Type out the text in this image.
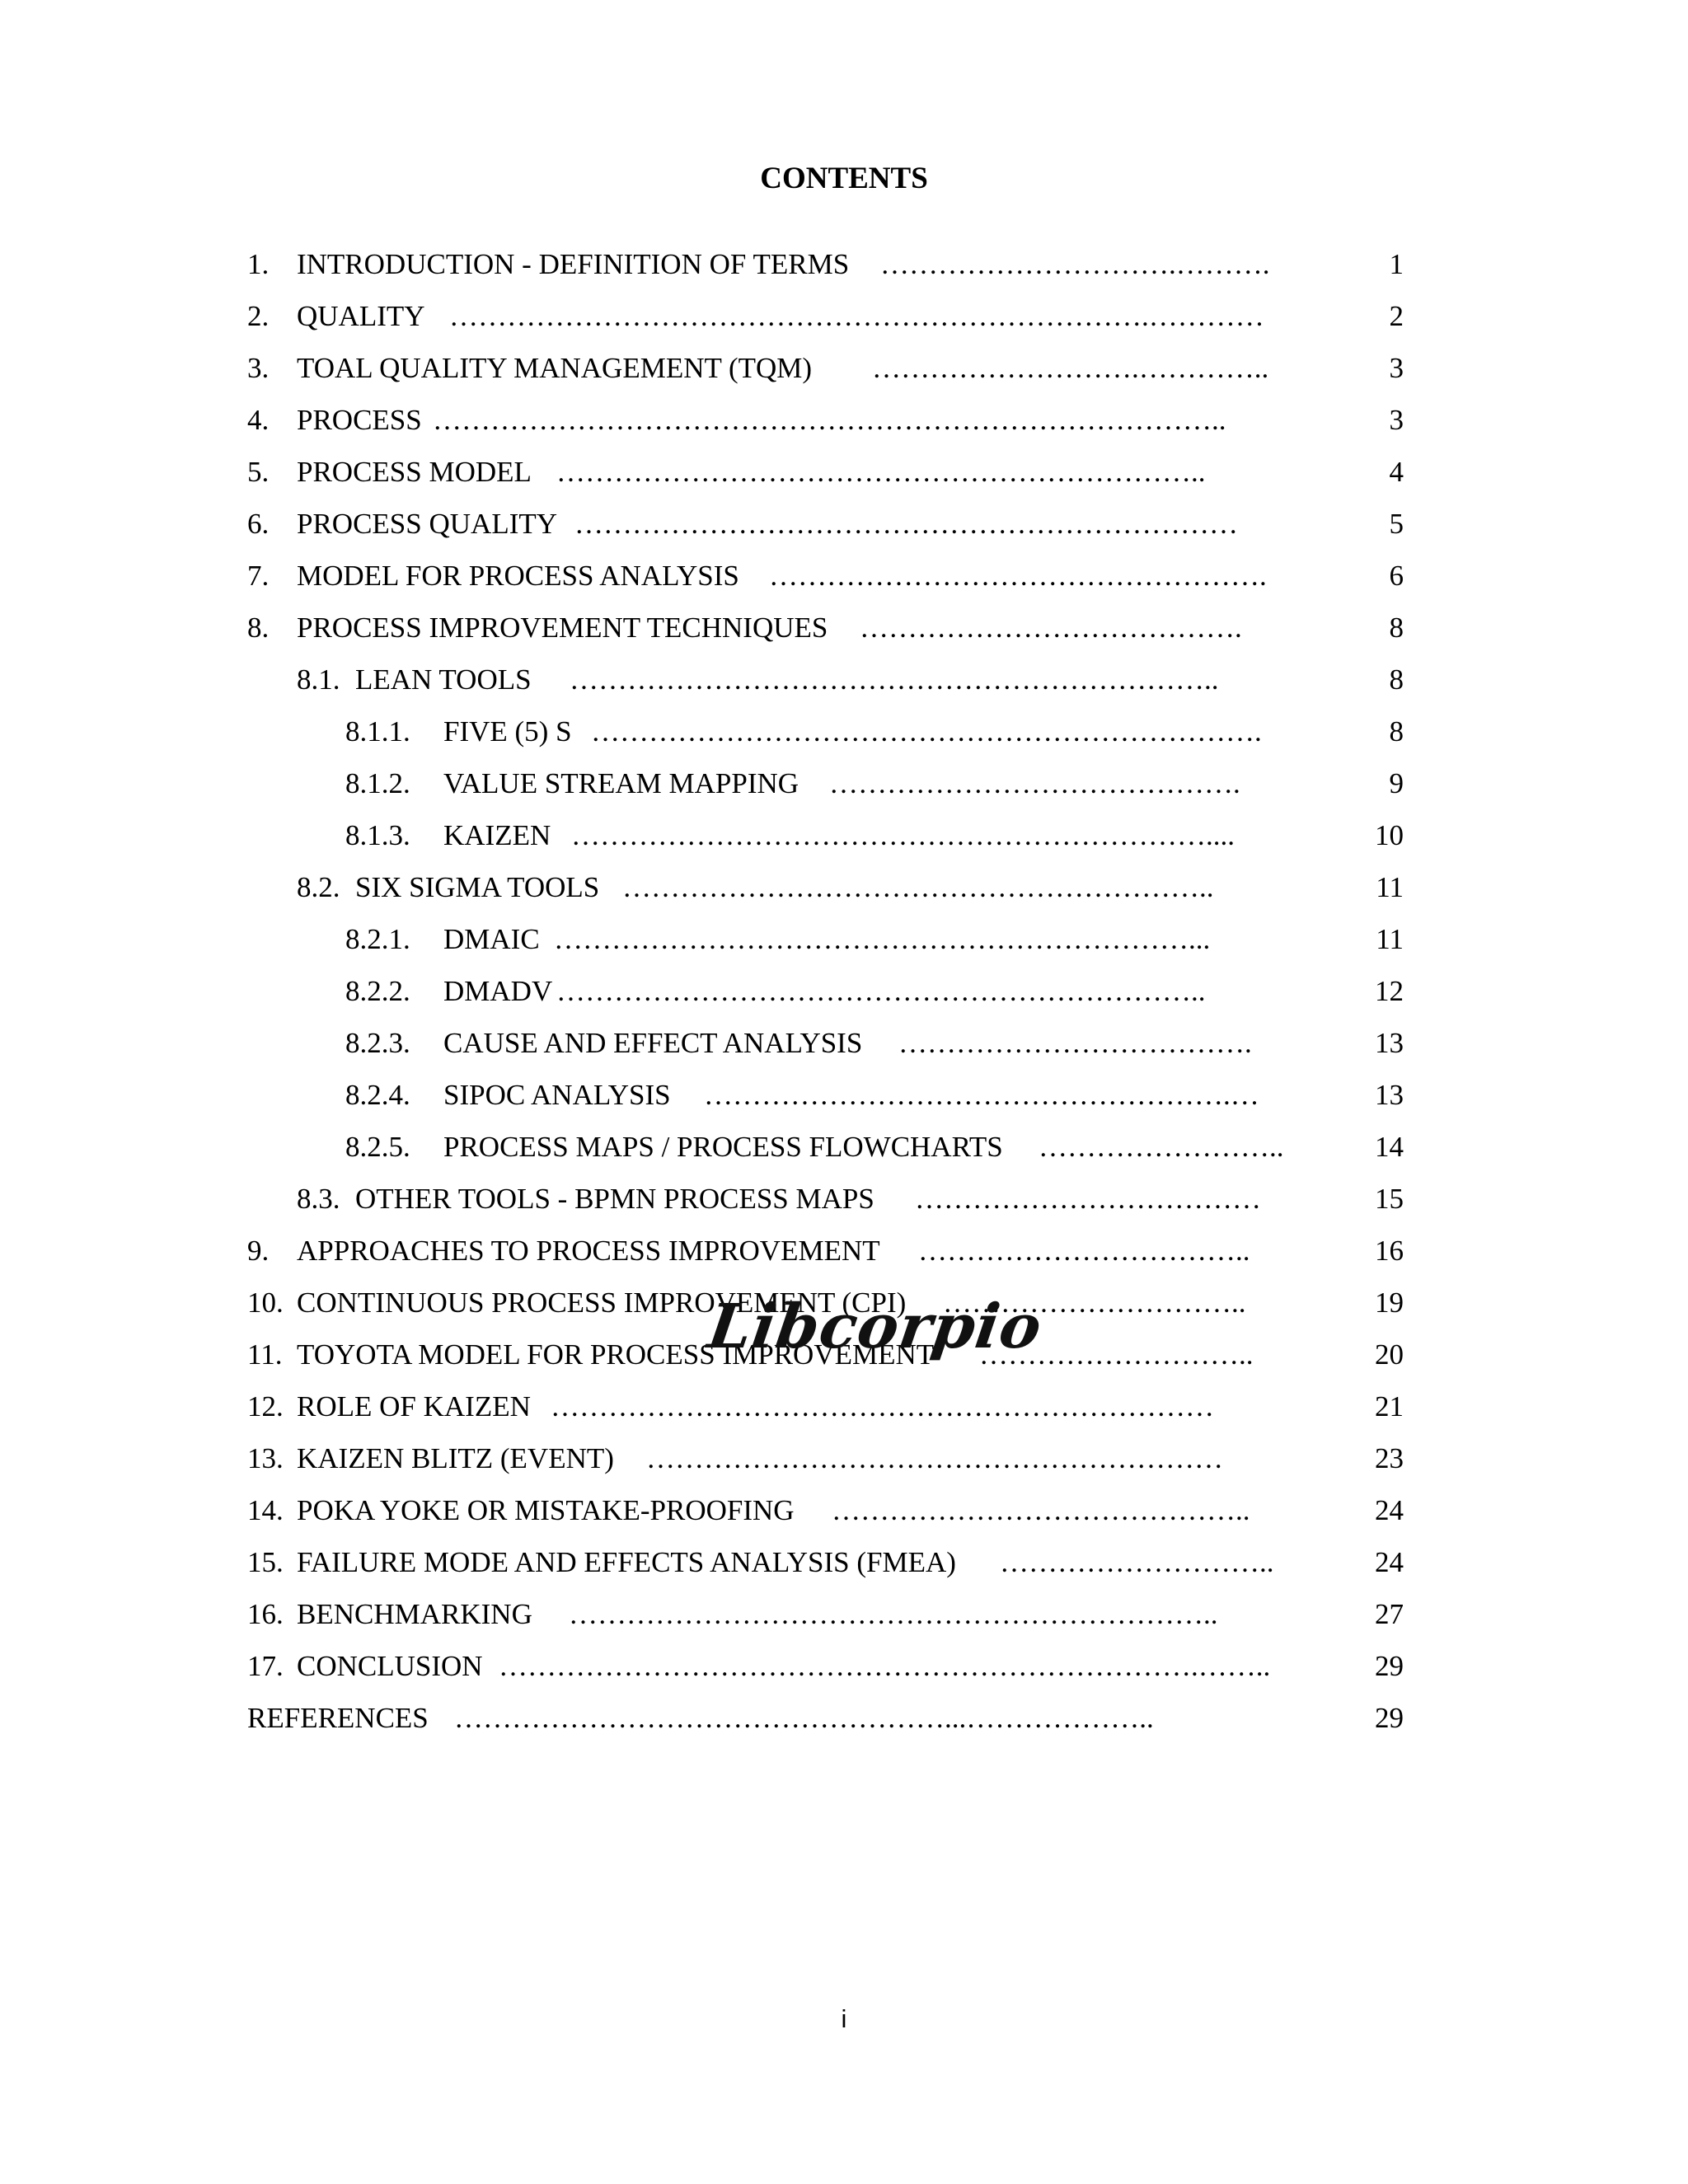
CONTENTS
1. INTRODUCTION - DEFINITION OF TERMS ………………………….……….	1
2. QUALITY ……………………………………………………………….…………	2
3. TOAL QUALITY MANAGEMENT (TQM) ……………………….…………..	3
4. PROCESS ………………………………………………………………………..	3
5. PROCESS MODEL …………………………………………………………..	4
6. PROCESS QUALITY ……………………………………………………………	5
7. MODEL FOR PROCESS ANALYSIS …………………………………………….	6
8. PROCESS IMPROVEMENT TECHNIQUES ………………………………….	8
8.1. LEAN TOOLS …………………………………………………………..	8
8.1.1. FIVE (5) S …………………………………………………………….	8
8.1.2. VALUE STREAM MAPPING …………………………………….	9
8.1.3. KAIZEN …………………………………………………………....	10
8.2. SIX SIGMA TOOLS ……………………………………………………..	11
8.2.1. DMAIC …………………………………………………………...	11
8.2.2. DMADV …………………………………………………………..	12
8.2.3. CAUSE AND EFFECT ANALYSIS ……………………………….	13
8.2.4. SIPOC ANALYSIS ……………………………………………….…	13
8.2.5. PROCESS MAPS / PROCESS FLOWCHARTS ……………………..	14
8.3. OTHER TOOLS - BPMN PROCESS MAPS ………………………………	15
9. APPROACHES TO PROCESS IMPROVEMENT ……………………………..	16
10. CONTINUOUS PROCESS IMPROVEMENT (CPI) …………………………..	19
11. TOYOTA MODEL FOR PROCESS IMPROVEMENT ………………………..	20
12. ROLE OF KAIZEN ……………………………………………………………	21
13. KAIZEN BLITZ (EVENT) ……………………………………………………	23
14. POKA YOKE OR MISTAKE-PROOFING ……………………………………..	24
15. FAILURE MODE AND EFFECTS ANALYSIS (FMEA) ………………………..	24
16. BENCHMARKING …………………………………………………………..	27
17. CONCLUSION ……………………………………………………………….……..	29
REFERENCES ……………………………………………...………………..	29
Libcorpio
i
